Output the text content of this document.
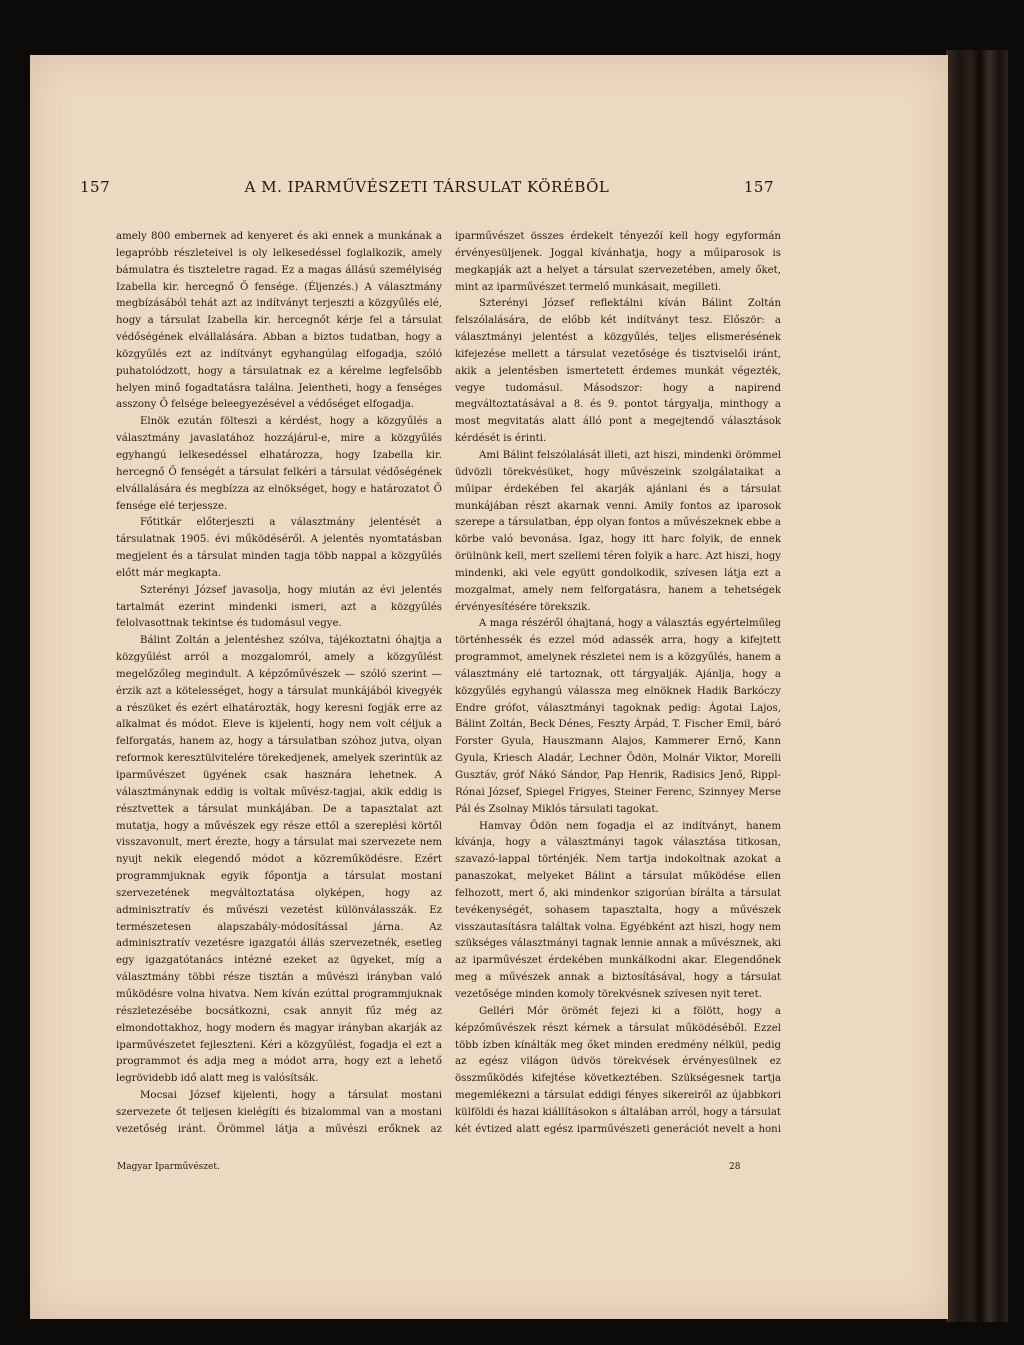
157	A M. IPARMŰVÉSZETI TÁRSULAT KÖRÉBŐL	157

amely 800 embernek ad kenyeret és aki ennek a munkának a legapróbb részleteivel is oly lelkesedéssel foglalkozik, amely bámulatra és tiszteletre ragad. Ez a magas állású személyiség Izabella kir. hercegnő Ő fensége. (Éljenzés.) A választmány megbízásából tehát azt az indítványt terjeszti a közgyűlés elé, hogy a társulat Izabella kir. hercegnőt kérje fel a társulat védőségének elvállalására. Abban a biztos tudatban, hogy a közgyűlés ezt az indítványt egyhangúlag elfogadja, szóló puhatolódzott, hogy a társulatnak ez a kérelme legfelsőbb helyen minő fogadtatásra találna. Jelentheti, hogy a fenséges asszony Ő felsége beleegyezésével a védőséget elfogadja.

Elnök ezután fölteszi a kérdést, hogy a közgyűlés a választmány javaslatához hozzájárul-e, mire a közgyűlés egyhangú lelkesedéssel elhatározza, hogy Izabella kir. hercegnő Ő fenségét a társulat felkéri a társulat védőségének elvállalására és megbízza az elnökséget, hogy e határozatot Ő fensége elé terjessze.

Főtitkár előterjeszti a választmány jelentését a társulatnak 1905. évi működéséről. A jelentés nyomtatásban megjelent és a társulat minden tagja több nappal a közgyűlés előtt már megkapta.

Szterényi József javasolja, hogy miután az évi jelentés tartalmát ezerint mindenki ismeri, azt a közgyűlés felolvasottnak tekintse és tudomásul vegye.

Bálint Zoltán a jelentéshez szólva, tájékoztatni óhajtja a közgyűlést arról a mozgalomról, amely a közgyűlést megelőzőleg megindult. A képzőművészek — szóló szerint — érzik azt a kötelességet, hogy a társulat munkájából kivegyék a részüket és ezért elhatározták, hogy keresni fogják erre az alkalmat és módot. Eleve is kijelenti, hogy nem volt céljuk a felforgatás, hanem az, hogy a társulatban szóhoz jutva, olyan reformok keresztülvitelére törekedjenek, amelyek szerintük az iparművészet ügyének csak hasznára lehetnek. A választmánynak eddig is voltak művész-tagjai, akik eddig is résztvettek a társulat munkájában. De a tapasztalat azt mutatja, hogy a művészek egy része ettől a szereplési körtől visszavonult, mert érezte, hogy a társulat mai szervezete nem nyujt nekik elegendő módot a közreműködésre. Ezért programmjuknak egyik főpontja a társulat mostani szervezetének megváltoztatása olyképen, hogy az adminisztratív és művészi vezetést különválasszák. Ez természetesen alapszabály-módosítással járna. Az adminisztratív vezetésre igazgatói állás szervezetnék, esetleg egy igazgatótanács intézné ezeket az ügyeket, míg a választmány többi része tisztán a művészi irányban való működésre volna hivatva. Nem kíván ezúttal programmjuknak részletezésébe bocsátkozni, csak annyit fűz még az elmondottakhoz, hogy modern és magyar irányban akarják az iparművészetet fejleszteni. Kéri a közgyűlést, fogadja el ezt a programmot és adja meg a módot arra, hogy ezt a lehető legrövidebb idő alatt meg is valósítsák.

Mocsai József kijelenti, hogy a társulat mostani szervezete őt teljesen kielégíti és bizalommal van a mostani vezetőség iránt. Örömmel látja a művészi erőknek az

iparművészet összes érdekelt tényezőí kell hogy egyformán érvényesüljenek. Joggal kívánhatja, hogy a műiparosok is megkapják azt a helyet a társulat szervezetében, amely őket, mint az iparművészet termelő munkásait, megilleti.

Szterényi József reflektálni kíván Bálint Zoltán felszólalására, de előbb két indítványt tesz. Először: a választmányi jelentést a közgyűlés, teljes elismerésének kifejezése mellett a társulat vezetősége és tisztviselői iránt, akik a jelentésben ismertetett érdemes munkát végezték, vegye tudomásul. Másodszor: hogy a napirend megváltoztatásával a 8. és 9. pontot tárgyalja, minthogy a most megvitatás alatt álló pont a megejtendő választások kérdését is érinti.

Ami Bálint felszólalását illeti, azt hiszi, mindenki örömmel üdvözli törekvésüket, hogy művészeink szolgálataikat a műipar érdekében fel akarják ajánlani és a társulat munkájában részt akarnak venni. Amily fontos az iparosok szerepe a társulatban, épp olyan fontos a művészeknek ebbe a körbe való bevonása. Igaz, hogy itt harc folyik, de ennek örülnünk kell, mert szellemi téren folyik a harc. Azt hiszi, hogy mindenki, aki vele együtt gondolkodik, szívesen látja ezt a mozgalmat, amely nem felforgatásra, hanem a tehetségek érvényesítésére törekszik.

A maga részéről óhajtaná, hogy a választás egyértelműleg történhessék és ezzel mód adassék arra, hogy a kifejtett programmot, amelynek részletei nem is a közgyűlés, hanem a választmány elé tartoznak, ott tárgyalják. Ajánlja, hogy a közgyűlés egyhangú válassza meg elnöknek Hadik Barkóczy Endre grófot, választmányi tagoknak pedig: Ágotai Lajos, Bálint Zoltán, Beck Dénes, Feszty Árpád, T. Fischer Emil, báró Forster Gyula, Hauszmann Alajos, Kammerer Ernő, Kann Gyula, Kriesch Aladár, Lechner Ödön, Molnár Viktor, Morelli Gusztáv, gróf Nákó Sándor, Pap Henrik, Radisics Jenő, Rippl-Rónai József, Spiegel Frigyes, Steiner Ferenc, Szinnyey Merse Pál és Zsolnay Miklós társulati tagokat.

Hamvay Ödön nem fogadja el az indítványt, hanem kívánja, hogy a választmányi tagok választása titkosan, szavazó-lappal történjék. Nem tartja indokoltnak azokat a panaszokat, melyeket Bálint a társulat működése ellen felhozott, mert ő, aki mindenkor szigorúan bírálta a társulat tevékenységét, sohasem tapasztalta, hogy a művészek visszautasításra találtak volna. Egyébként azt hiszi, hogy nem szükséges választmányi tagnak lennie annak a művésznek, aki az iparművészet érdekében munkálkodni akar. Elegendőnek meg a művészek annak a biztosításával, hogy a társulat vezetősége minden komoly törekvésnek szívesen nyit teret.

Gelléri Mór örömét fejezi ki a fölött, hogy a képzőművészek részt kérnek a társulat működéséből. Ezzel több ízben kínálták meg őket minden eredmény nélkül, pedig az egész világon üdvös törekvések érvényesülnek ez összműködés kifejtése következtében. Szükségesnek tartja megemlékezni a társulat eddigi fényes sikereiről az újabbkori külföldi és hazai kiállításokon s általában arról, hogy a társulat két évtized alatt egész iparművészeti generációt nevelt a honi

Magyar Iparművészet.	28
